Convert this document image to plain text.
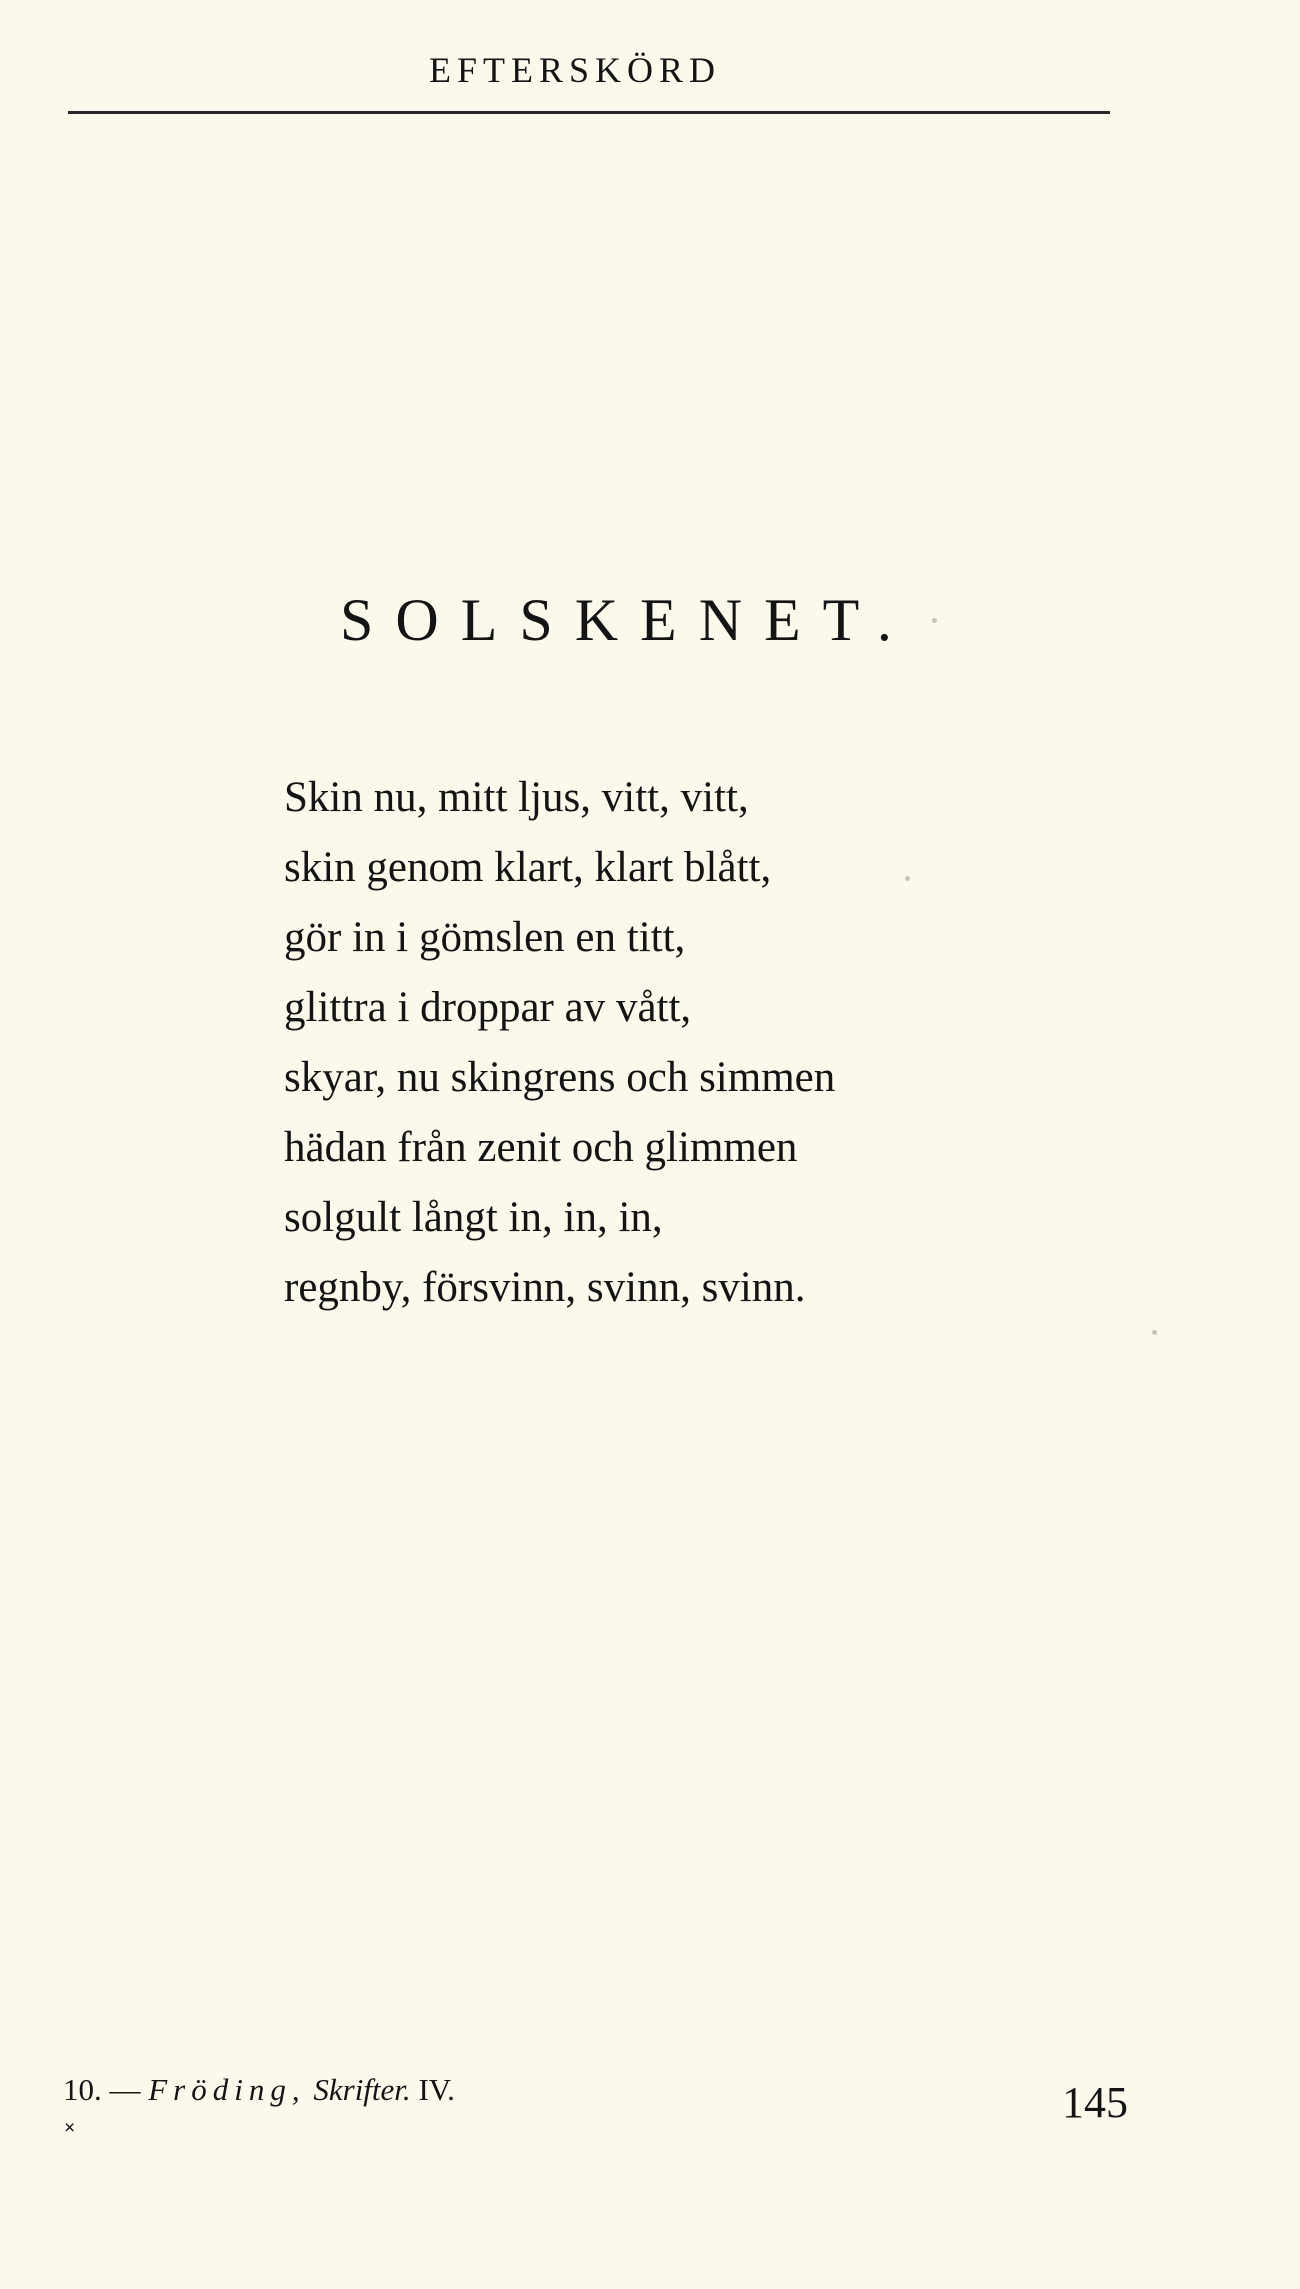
EFTERSKÖRD
SOLSKENET.
Skin nu, mitt ljus, vitt, vitt,
skin genom klart, klart blått,
gör in i gömslen en titt,
glittra i droppar av vått,
skyar, nu skingrens och simmen
hädan från zenit och glimmen
solgult långt in, in, in,
regnby, försvinn, svinn, svinn.
10. — Fröding, Skrifter. IV.
×
145
